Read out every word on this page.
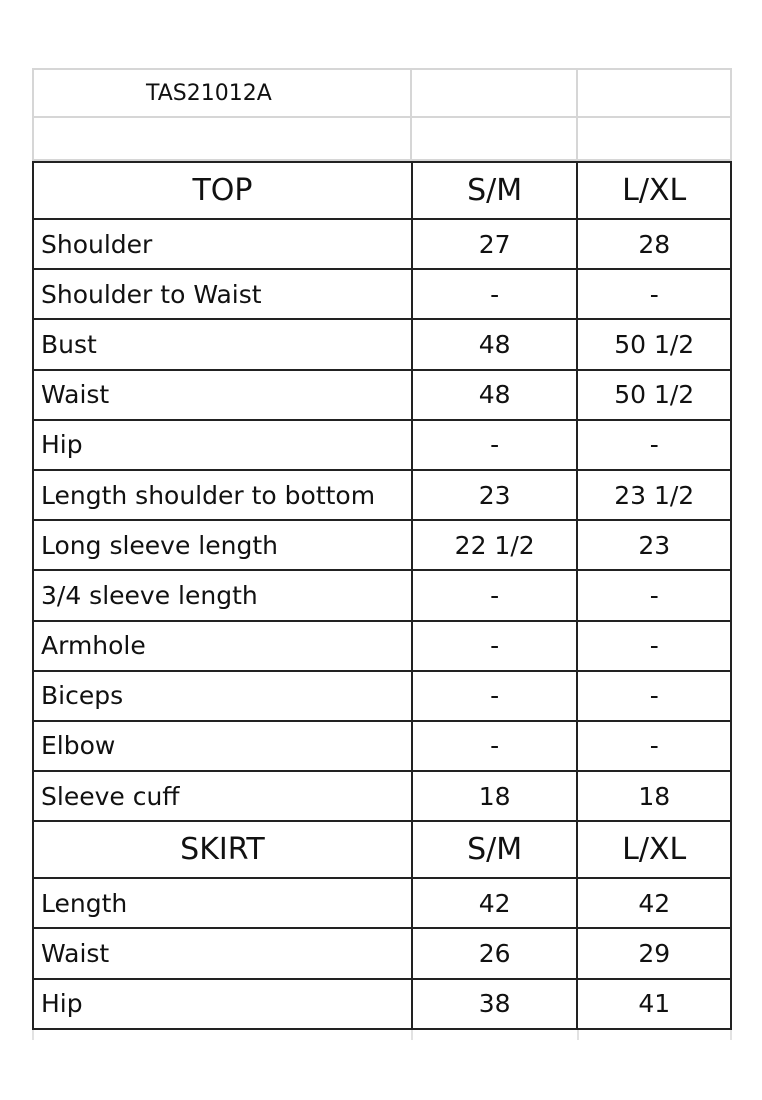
TAS21012A
TOP	S/M	L/XL
Shoulder	27	28
Shoulder to Waist	-	-
Bust	48	50 1/2
Waist	48	50 1/2
Hip	-	-
Length shoulder to bottom	23	23 1/2
Long sleeve length	22 1/2	23
3/4 sleeve length	-	-
Armhole	-	-
Biceps	-	-
Elbow	-	-
Sleeve cuff	18	18
SKIRT	S/M	L/XL
Length	42	42
Waist	26	29
Hip	38	41
